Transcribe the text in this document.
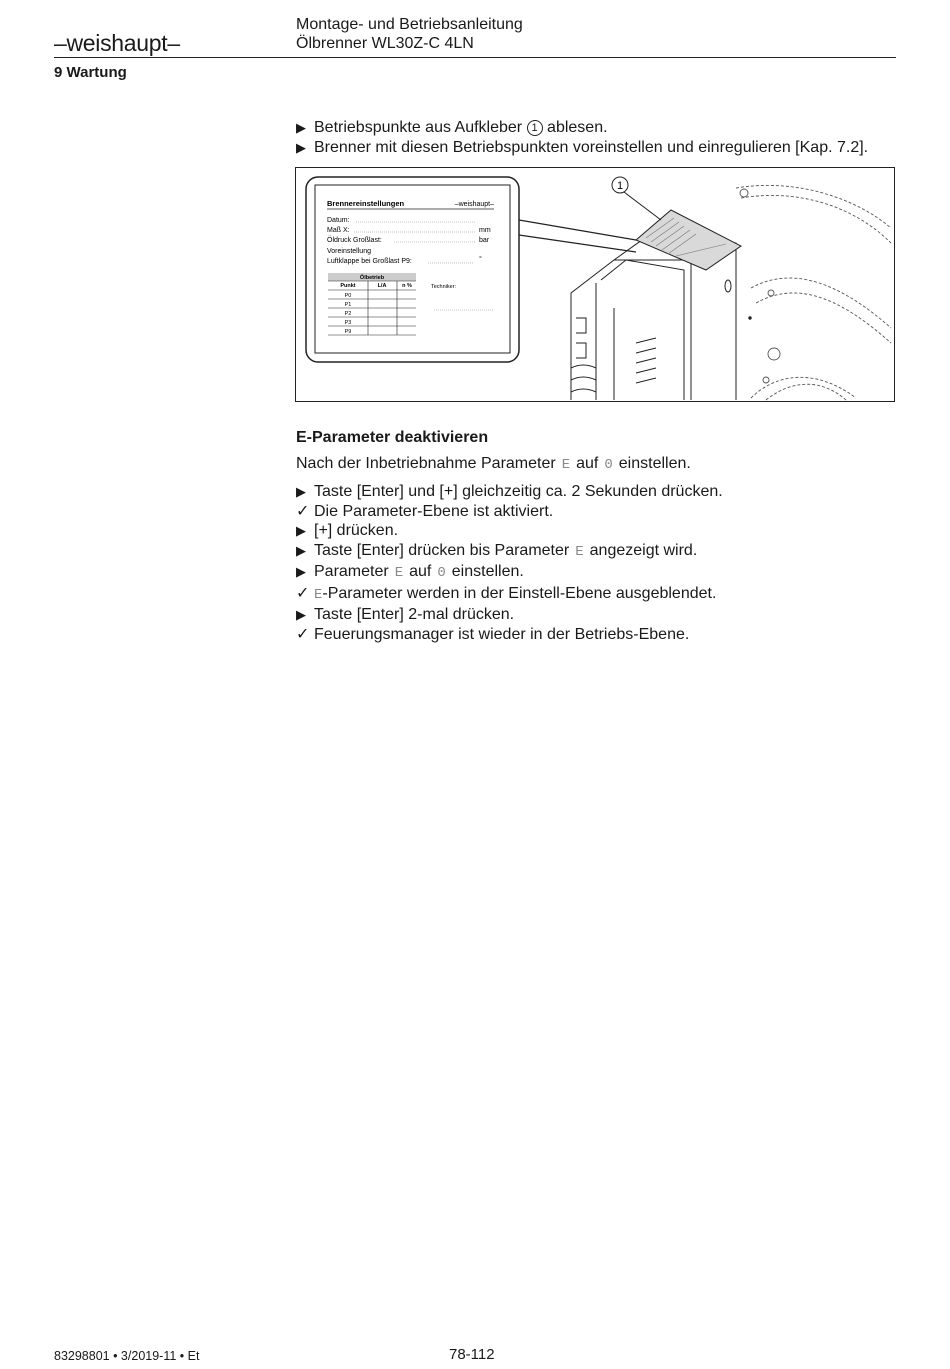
–weishaupt–
Montage- und Betriebsanleitung
Ölbrenner WL30Z-C 4LN
9 Wartung
▶ Betriebspunkte aus Aufkleber 1 ablesen.
▶ Brenner mit diesen Betriebspunkten voreinstellen und einregulieren [Kap. 7.2].
Brennereinstellungen	–weishaupt–
Datum:
Maß X:	mm
Öldruck Großlast:	bar
Voreinstellung
Luftklappe bei Großlast P9:	°
Ölbetrieb
Punkt	L/A	n %
P0
P1
P2
P3
P9
Techniker:
1
E-Parameter deaktivieren
Nach der Inbetriebnahme Parameter E auf 0 einstellen.
▶ Taste [Enter] und [+] gleichzeitig ca. 2 Sekunden drücken.
✓ Die Parameter-Ebene ist aktiviert.
▶ [+] drücken.
▶ Taste [Enter] drücken bis Parameter E angezeigt wird.
▶ Parameter E auf 0 einstellen.
✓ E-Parameter werden in der Einstell-Ebene ausgeblendet.
▶ Taste [Enter] 2-mal drücken.
✓ Feuerungsmanager ist wieder in der Betriebs-Ebene.
83298801 • 3/2019-11 • Et	78-112
